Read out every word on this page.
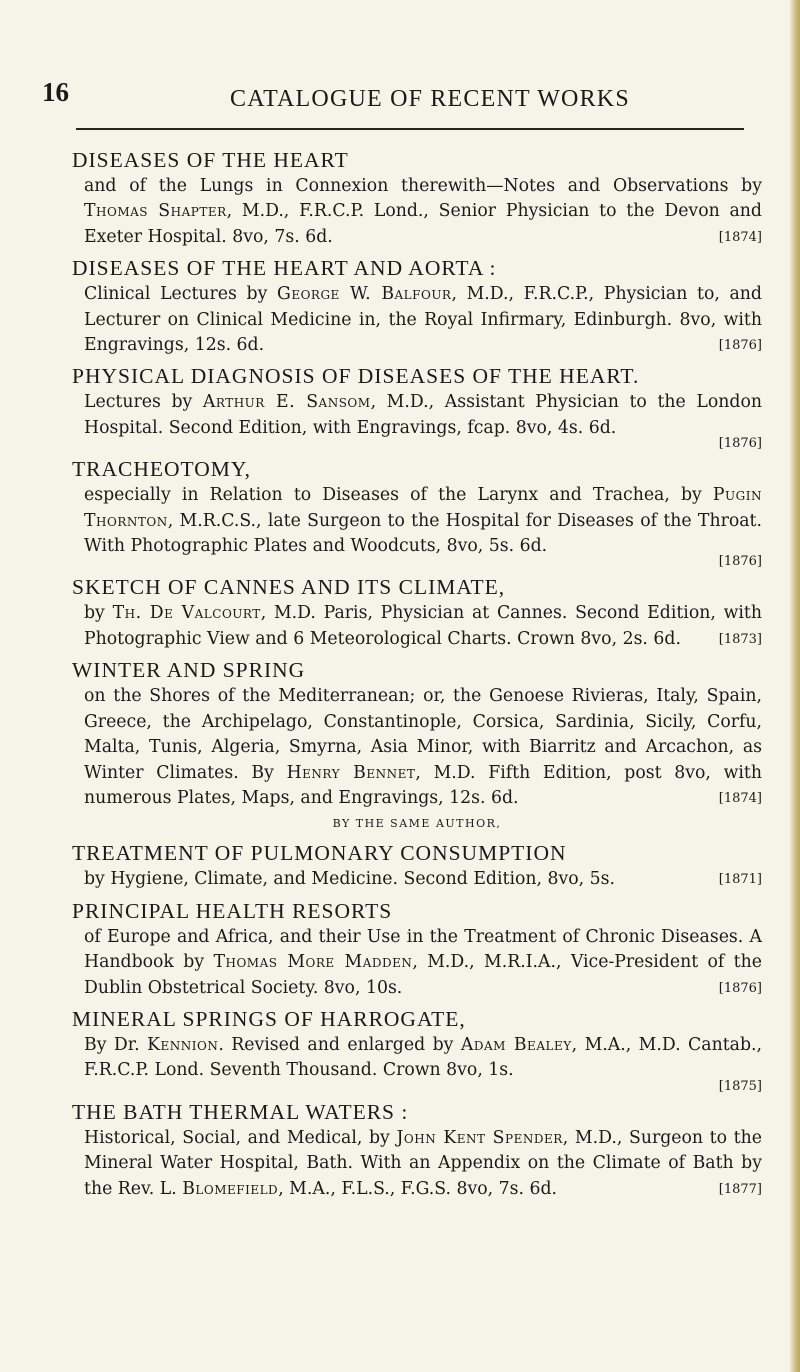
16	CATALOGUE OF RECENT WORKS
DISEASES OF THE HEART
and of the Lungs in Connexion therewith—Notes and Observations by Thomas Shapter, M.D., F.R.C.P. Lond., Senior Physician to the Devon and Exeter Hospital. 8vo, 7s. 6d.	[1874]
DISEASES OF THE HEART AND AORTA :
Clinical Lectures by George W. Balfour, M.D., F.R.C.P., Physician to, and Lecturer on Clinical Medicine in, the Royal Infirmary, Edinburgh. 8vo, with Engravings, 12s. 6d.	[1876]
PHYSICAL DIAGNOSIS OF DISEASES OF THE HEART.
Lectures by Arthur E. Sansom, M.D., Assistant Physician to the London Hospital. Second Edition, with Engravings, fcap. 8vo, 4s. 6d.
[1876]
TRACHEOTOMY,
especially in Relation to Diseases of the Larynx and Trachea, by Pugin Thornton, M.R.C.S., late Surgeon to the Hospital for Diseases of the Throat. With Photographic Plates and Woodcuts, 8vo, 5s. 6d.
[1876]
SKETCH OF CANNES AND ITS CLIMATE,
by Th. De Valcourt, M.D. Paris, Physician at Cannes. Second Edition, with Photographic View and 6 Meteorological Charts. Crown 8vo, 2s. 6d.	[1873]
WINTER AND SPRING
on the Shores of the Mediterranean; or, the Genoese Rivieras, Italy, Spain, Greece, the Archipelago, Constantinople, Corsica, Sardinia, Sicily, Corfu, Malta, Tunis, Algeria, Smyrna, Asia Minor, with Biarritz and Arcachon, as Winter Climates. By Henry Bennet, M.D. Fifth Edition, post 8vo, with numerous Plates, Maps, and Engravings, 12s. 6d.	[1874]
BY THE SAME AUTHOR,
TREATMENT OF PULMONARY CONSUMPTION
by Hygiene, Climate, and Medicine. Second Edition, 8vo, 5s.	[1871]
PRINCIPAL HEALTH RESORTS
of Europe and Africa, and their Use in the Treatment of Chronic Diseases. A Handbook by Thomas More Madden, M.D., M.R.I.A., Vice-President of the Dublin Obstetrical Society. 8vo, 10s.	[1876]
MINERAL SPRINGS OF HARROGATE,
By Dr. Kennion. Revised and enlarged by Adam Bealey, M.A., M.D. Cantab., F.R.C.P. Lond. Seventh Thousand. Crown 8vo, 1s.
[1875]
THE BATH THERMAL WATERS :
Historical, Social, and Medical, by John Kent Spender, M.D., Surgeon to the Mineral Water Hospital, Bath. With an Appendix on the Climate of Bath by the Rev. L. Blomefield, M.A., F.L.S., F.G.S. 8vo, 7s. 6d.	[1877]
